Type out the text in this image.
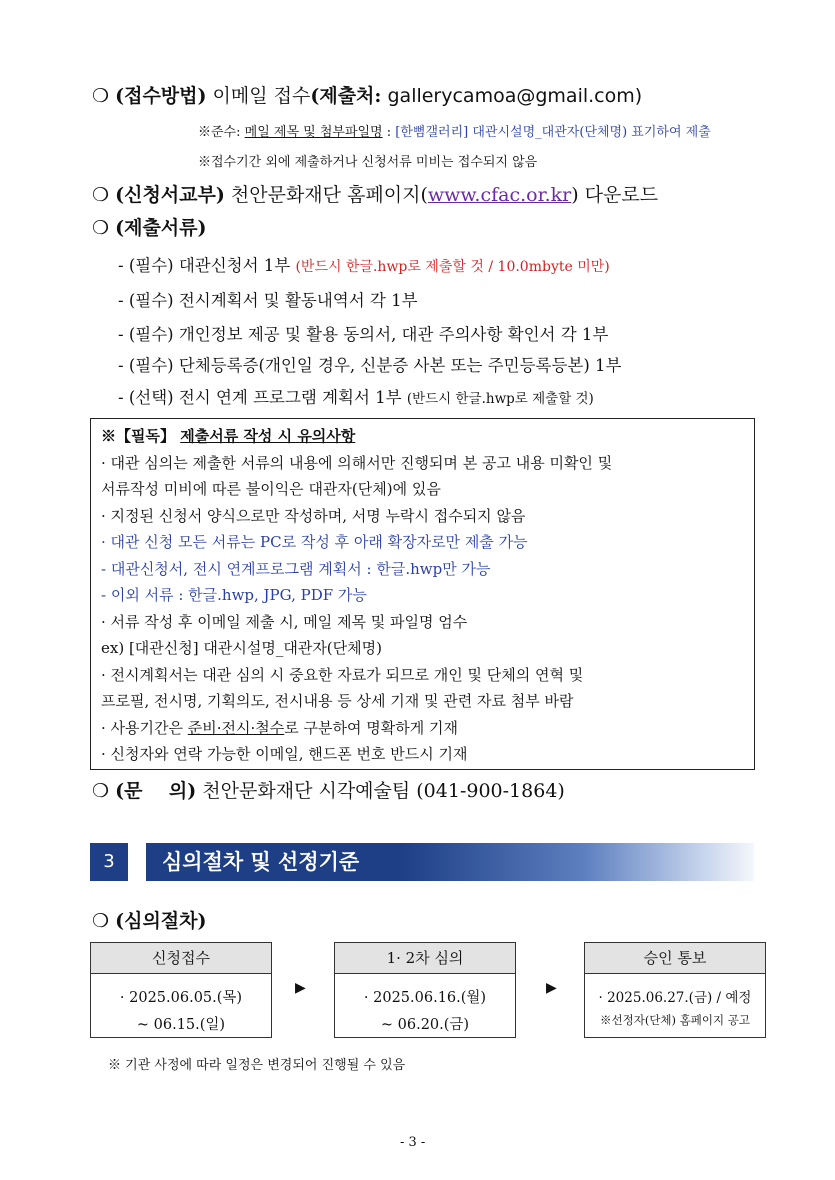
❍ (접수방법) 이메일 접수(제출처: gallerycamoa@gmail.com)
※준수: 메일 제목 및 첨부파일명 : [한뼘갤러리] 대관시설명_대관자(단체명) 표기하여 제출
※접수기간 외에 제출하거나 신청서류 미비는 접수되지 않음
❍ (신청서교부) 천안문화재단 홈페이지(www.cfac.or.kr) 다운로드
❍ (제출서류)
- (필수) 대관신청서 1부 (반드시 한글.hwp로 제출할 것 / 10.0mbyte 미만)
- (필수) 전시계획서 및 활동내역서 각 1부
- (필수) 개인정보 제공 및 활용 동의서, 대관 주의사항 확인서 각 1부
- (필수) 단체등록증(개인일 경우, 신분증 사본 또는 주민등록등본) 1부
- (선택) 전시 연계 프로그램 계획서 1부 (반드시 한글.hwp로 제출할 것)
※【필독】 제출서류 작성 시 유의사항
· 대관 심의는 제출한 서류의 내용에 의해서만 진행되며 본 공고 내용 미확인 및
서류작성 미비에 따른 불이익은 대관자(단체)에 있음
· 지정된 신청서 양식으로만 작성하며, 서명 누락시 접수되지 않음
· 대관 신청 모든 서류는 PC로 작성 후 아래 확장자로만 제출 가능
- 대관신청서, 전시 연계프로그램 계획서 : 한글.hwp만 가능
- 이외 서류 : 한글.hwp, JPG, PDF 가능
· 서류 작성 후 이메일 제출 시, 메일 제목 및 파일명 엄수
ex) [대관신청] 대관시설명_대관자(단체명)
· 전시계획서는 대관 심의 시 중요한 자료가 되므로 개인 및 단체의 연혁 및
프로필, 전시명, 기획의도, 전시내용 등 상세 기재 및 관련 자료 첨부 바람
· 사용기간은 준비·전시·철수로 구분하여 명확하게 기재
· 신청자와 연락 가능한 이메일, 핸드폰 번호 반드시 기재
❍ (문    의) 천안문화재단 시각예술팀 (041-900-1864)
3	심의절차 및 선정기준
❍ (심의절차)
신청접수
· 2025.06.05.(목)
~ 06.15.(일)
▶
1· 2차 심의
· 2025.06.16.(월)
~ 06.20.(금)
▶
승인 통보
· 2025.06.27.(금) / 예정
※선정자(단체) 홈페이지 공고
※ 기관 사정에 따라 일정은 변경되어 진행될 수 있음
- 3 -
